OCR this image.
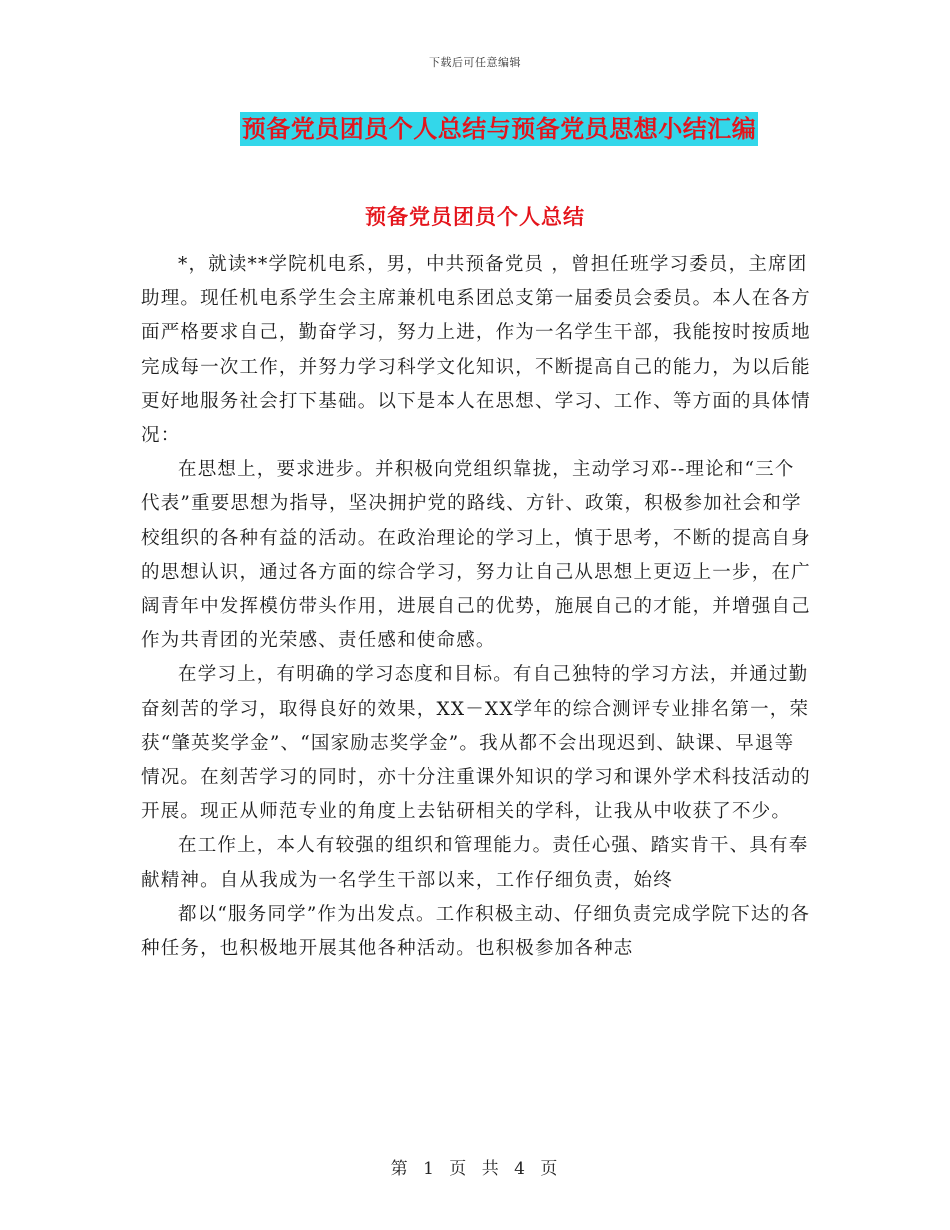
下载后可任意编辑
预备党员团员个人总结与预备党员思想小结汇编
预备党员团员个人总结

*，就读**学院机电系，男，中共预备党员 ，曾担任班学习委员，主席团助理。现任机电系学生会主席兼机电系团总支第一届委员会委员。本人在各方面严格要求自己，勤奋学习，努力上进，作为一名学生干部，我能按时按质地完成每一次工作，并努力学习科学文化知识，不断提高自己的能力，为以后能更好地服务社会打下基础。以下是本人在思想、学习、工作、等方面的具体情况：

在思想上，要求进步。并积极向党组织靠拢，主动学习邓--理论和“三个代表”重要思想为指导，坚决拥护党的路线、方针、政策，积极参加社会和学校组织的各种有益的活动。在政治理论的学习上，慎于思考，不断的提高自身的思想认识，通过各方面的综合学习，努力让自己从思想上更迈上一步，在广阔青年中发挥模仿带头作用，进展自己的优势，施展自己的才能，并增强自己作为共青团的光荣感、责任感和使命感。

在学习上，有明确的学习态度和目标。有自己独特的学习方法，并通过勤奋刻苦的学习，取得良好的效果，XX－XX学年的综合测评专业排名第一，荣获“肇英奖学金”、“国家励志奖学金”。我从都不会出现迟到、缺课、早退等情况。在刻苦学习的同时，亦十分注重课外知识的学习和课外学术科技活动的开展。现正从师范专业的角度上去钻研相关的学科，让我从中收获了不少。

在工作上，本人有较强的组织和管理能力。责任心强、踏实肯干、具有奉献精神。自从我成为一名学生干部以来，工作仔细负责，始终

都以“服务同学”作为出发点。工作积极主动、仔细负责完成学院下达的各种任务，也积极地开展其他各种活动。也积极参加各种志

第 1 页 共 4 页
